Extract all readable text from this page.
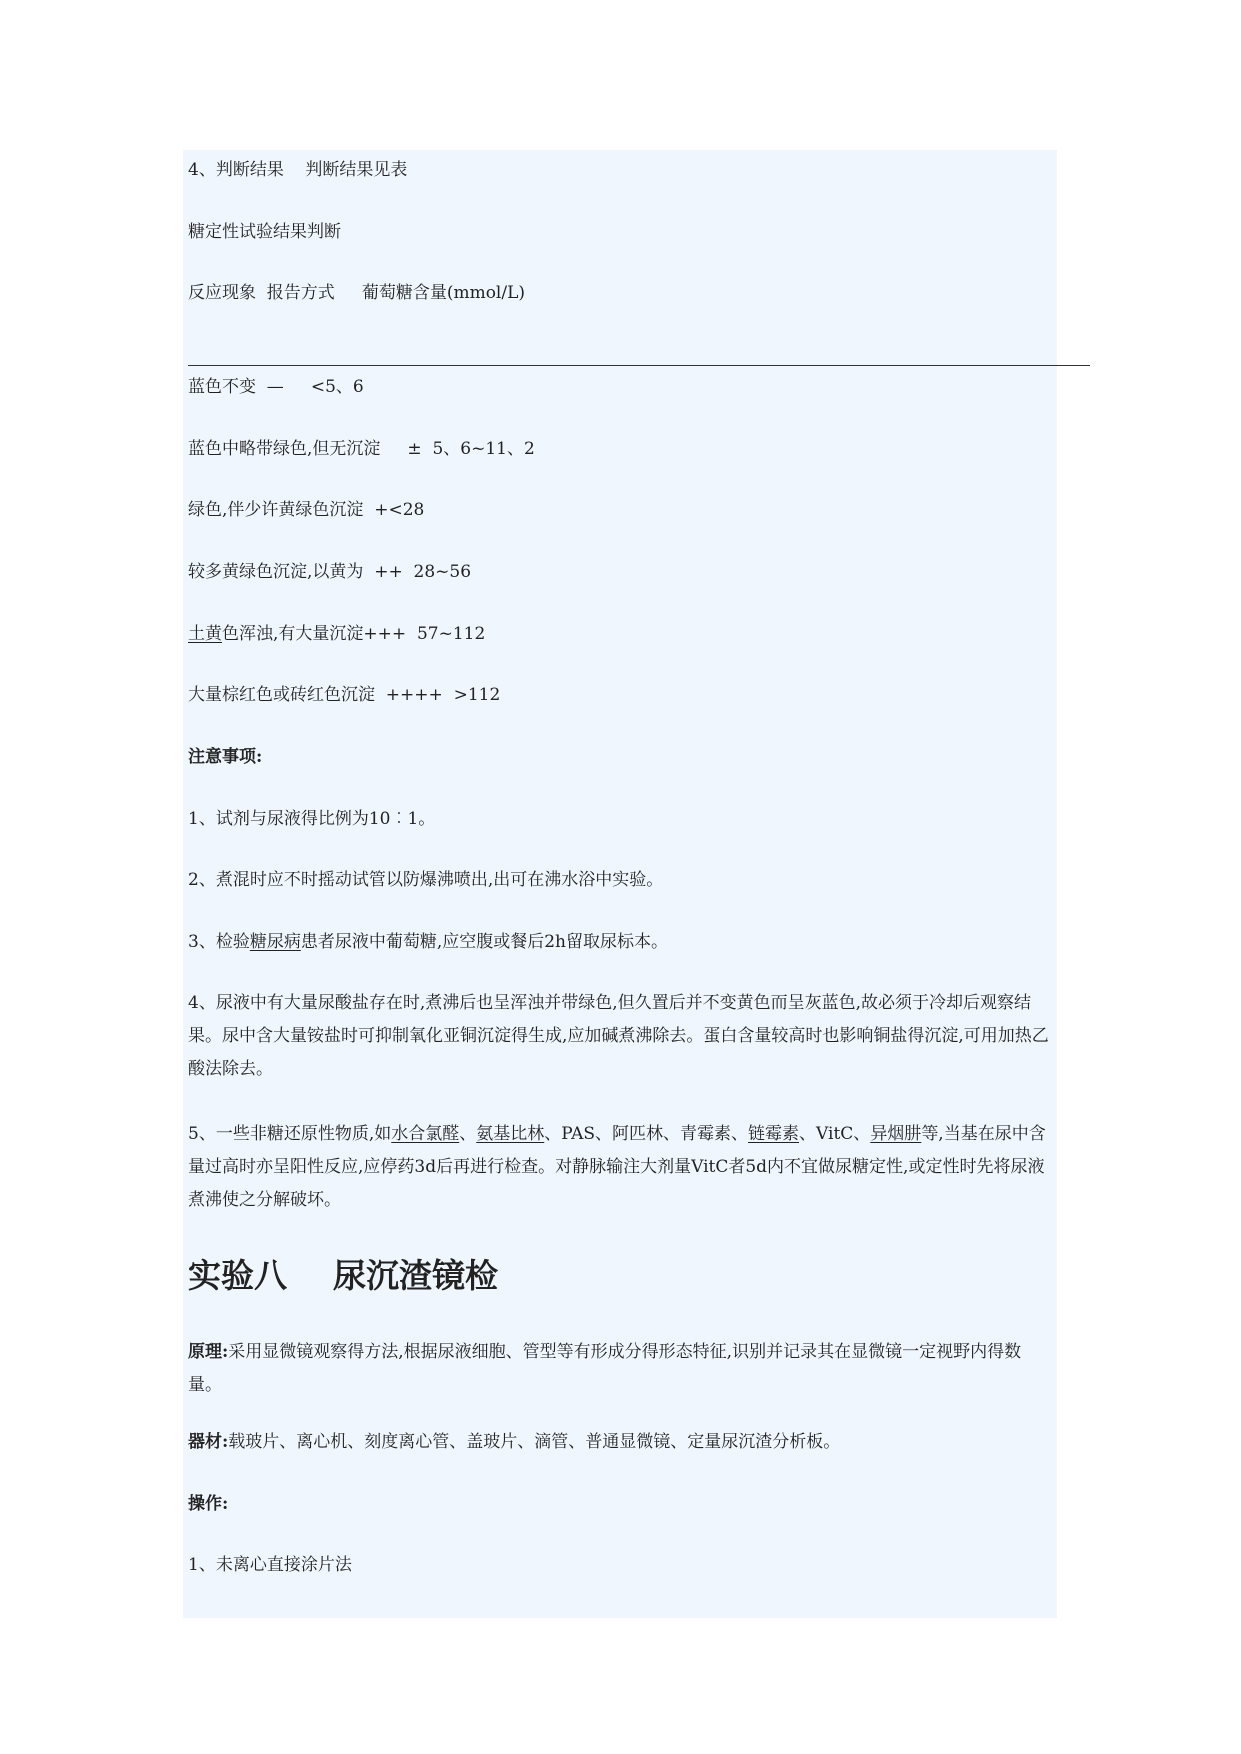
4、判断结果    判断结果见表
糖定性试验结果判断
反应现象  报告方式     葡萄糖含量(mmol/L)
蓝色不变  —     <5、6
蓝色中略带绿色,但无沉淀     ±  5、6~11、2
绿色,伴少许黄绿色沉淀  +<28
较多黄绿色沉淀,以黄为  ++  28~56
土黄色浑浊,有大量沉淀+++  57~112
大量棕红色或砖红色沉淀  ++++  >112
注意事项:
1、试剂与尿液得比例为10︰1。
2、煮混时应不时摇动试管以防爆沸喷出,出可在沸水浴中实验。
3、检验糖尿病患者尿液中葡萄糖,应空腹或餐后2h留取尿标本。
4、尿液中有大量尿酸盐存在时,煮沸后也呈浑浊并带绿色,但久置后并不变黄色而呈灰蓝色,故必须于冷却后观察结果。尿中含大量铵盐时可抑制氧化亚铜沉淀得生成,应加碱煮沸除去。蛋白含量较高时也影响铜盐得沉淀,可用加热乙酸法除去。
5、一些非糖还原性物质,如水合氯醛、氨基比林、PAS、阿匹林、青霉素、链霉素、VitC、异烟肼等,当基在尿中含量过高时亦呈阳性反应,应停药3d后再进行检查。对静脉输注大剂量VitC者5d内不宜做尿糖定性,或定性时先将尿液煮沸使之分解破坏。
实验八    尿沉渣镜检
原理:采用显微镜观察得方法,根据尿液细胞、管型等有形成分得形态特征,识别并记录其在显微镜一定视野内得数量。
器材:载玻片、离心机、刻度离心管、盖玻片、滴管、普通显微镜、定量尿沉渣分析板。
操作:
1、未离心直接涂片法
